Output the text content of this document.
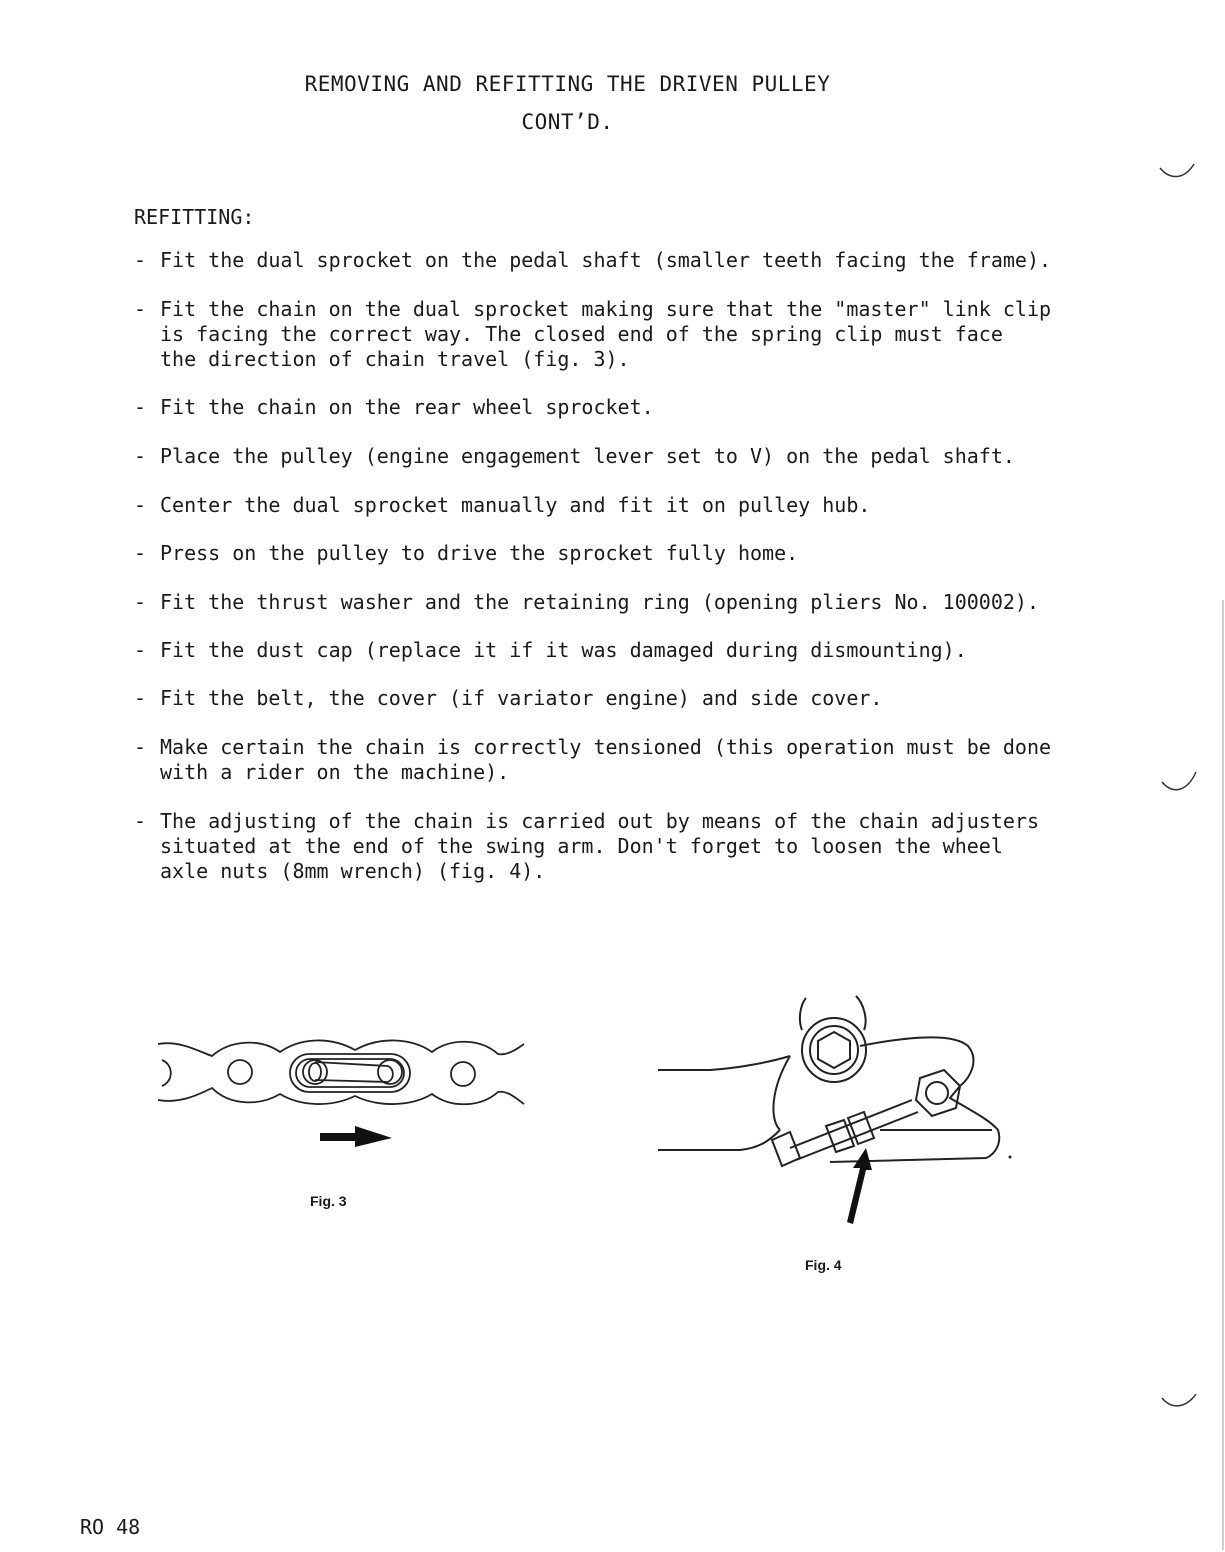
REMOVING AND REFITTING THE DRIVEN PULLEY
CONT’D.
REFITTING:
- Fit the dual sprocket on the pedal shaft (smaller teeth facing the frame).
- Fit the chain on the dual sprocket making sure that the "master" link clip
is facing the correct way. The closed end of the spring clip must face
the direction of chain travel (fig. 3).
- Fit the chain on the rear wheel sprocket.
- Place the pulley (engine engagement lever set to V) on the pedal shaft.
- Center the dual sprocket manually and fit it on pulley hub.
- Press on the pulley to drive the sprocket fully home.
- Fit the thrust washer and the retaining ring (opening pliers No. 100002).
- Fit the dust cap (replace it if it was damaged during dismounting).
- Fit the belt, the cover (if variator engine) and side cover.
- Make certain the chain is correctly tensioned (this operation must be done
with a rider on the machine).
- The adjusting of the chain is carried out by means of the chain adjusters
situated at the end of the swing arm. Don't forget to loosen the wheel
axle nuts (8mm wrench) (fig. 4).
Fig. 3
Fig. 4
RO 48
